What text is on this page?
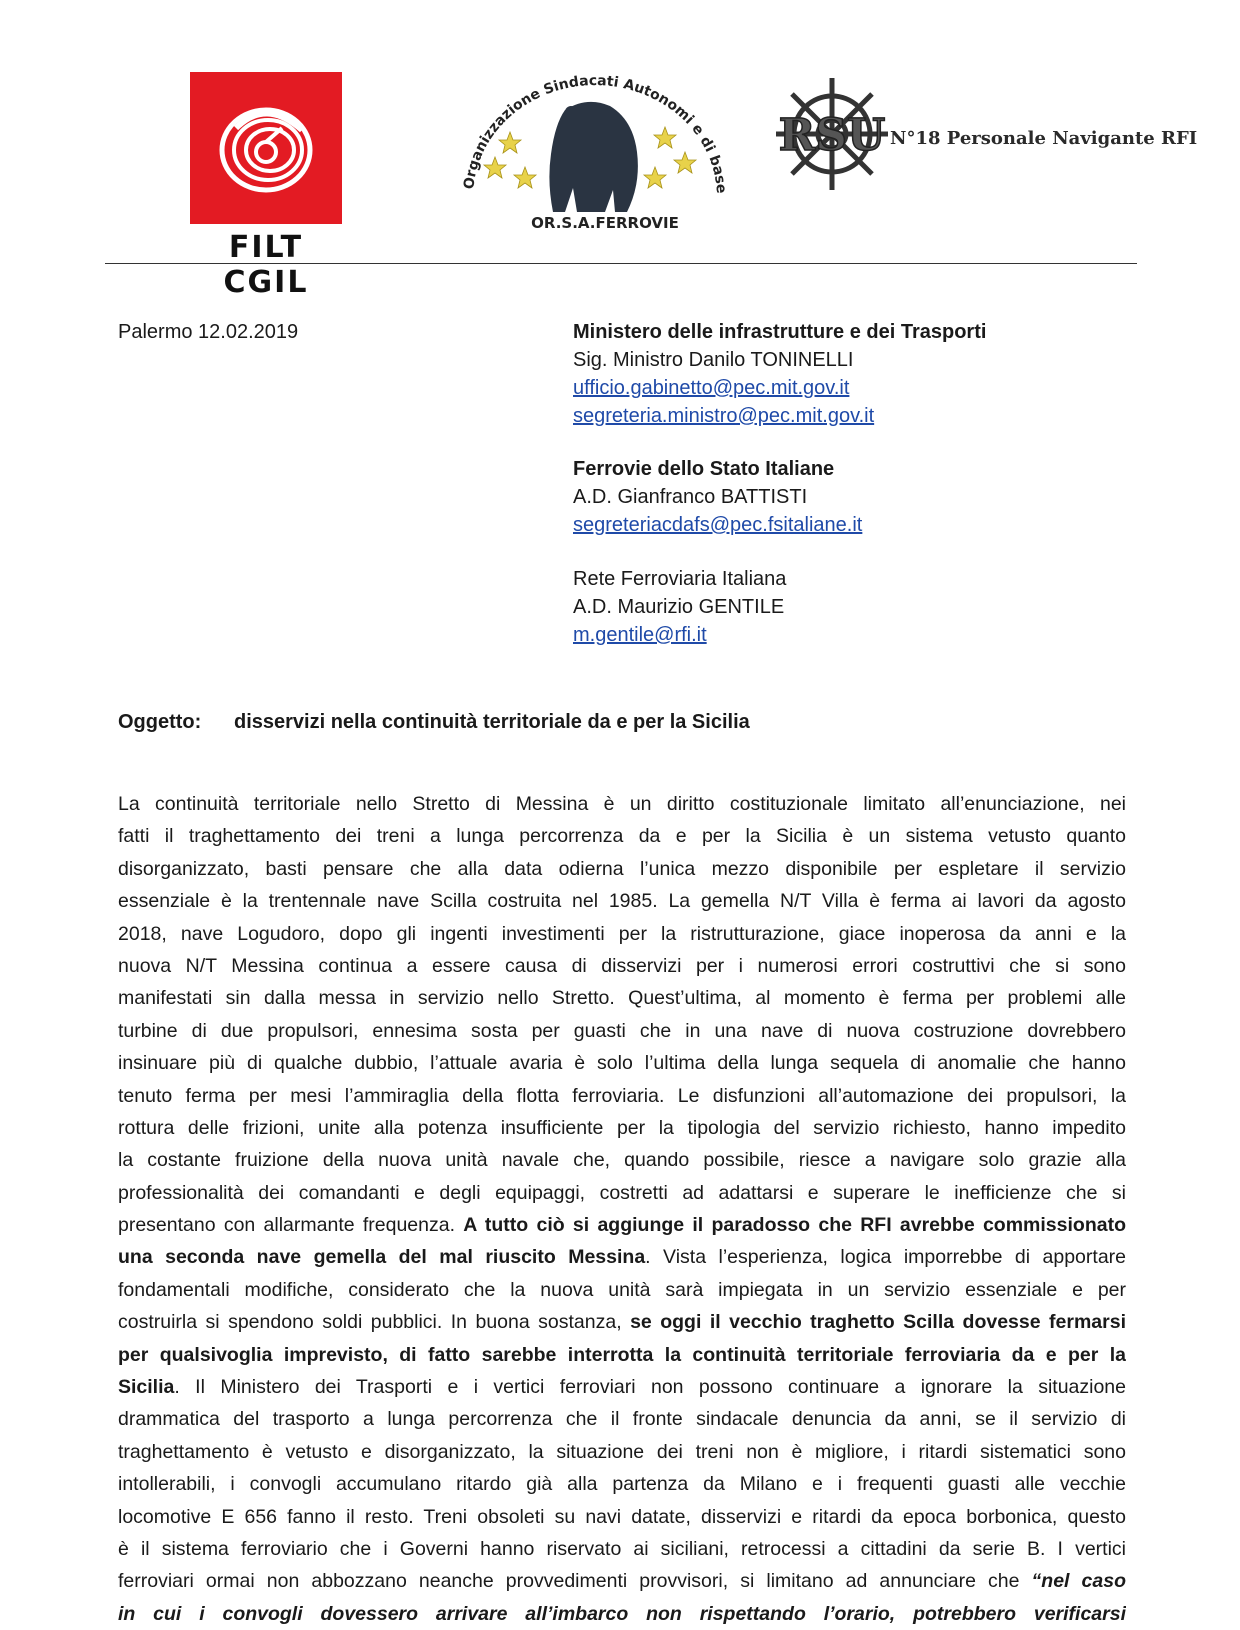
FILT CGIL
Organizzazione Sindacati Autonomi e di base
OR.S.A.FERROVIE
RSU N°18 Personale Navigante RFI
Palermo 12.02.2019	Ministero delle infrastrutture e dei Trasporti
Sig. Ministro Danilo TONINELLI
ufficio.gabinetto@pec.mit.gov.it
segreteria.ministro@pec.mit.gov.it
Ferrovie dello Stato Italiane
A.D. Gianfranco BATTISTI
segreteriacdafs@pec.fsitaliane.it
Rete Ferroviaria Italiana
A.D. Maurizio GENTILE
m.gentile@rfi.it
Oggetto: disservizi nella continuità territoriale da e per la Sicilia
La continuità territoriale nello Stretto di Messina è un diritto costituzionale limitato all’enunciazione, nei
fatti il traghettamento dei treni a lunga percorrenza da e per la Sicilia è un sistema vetusto quanto
disorganizzato, basti pensare che alla data odierna l’unica mezzo disponibile per espletare il servizio
essenziale è la trentennale nave Scilla costruita nel 1985. La gemella N/T Villa è ferma ai lavori da agosto
2018, nave Logudoro, dopo gli ingenti investimenti per la ristrutturazione, giace inoperosa da anni e la
nuova N/T Messina continua a essere causa di disservizi per i numerosi errori costruttivi che si sono
manifestati sin dalla messa in servizio nello Stretto. Quest’ultima, al momento è ferma per problemi alle
turbine di due propulsori, ennesima sosta per guasti che in una nave di nuova costruzione dovrebbero
insinuare più di qualche dubbio, l’attuale avaria è solo l’ultima della lunga sequela di anomalie che hanno
tenuto ferma per mesi l’ammiraglia della flotta ferroviaria. Le disfunzioni all’automazione dei propulsori, la
rottura delle frizioni, unite alla potenza insufficiente per la tipologia del servizio richiesto, hanno impedito
la costante fruizione della nuova unità navale che, quando possibile, riesce a navigare solo grazie alla
professionalità dei comandanti e degli equipaggi, costretti ad adattarsi e superare le inefficienze che si
presentano con allarmante frequenza. A tutto ciò si aggiunge il paradosso che RFI avrebbe commissionato
una seconda nave gemella del mal riuscito Messina. Vista l’esperienza, logica imporrebbe di apportare
fondamentali modifiche, considerato che la nuova unità sarà impiegata in un servizio essenziale e per
costruirla si spendono soldi pubblici. In buona sostanza, se oggi il vecchio traghetto Scilla dovesse fermarsi
per qualsivoglia imprevisto, di fatto sarebbe interrotta la continuità territoriale ferroviaria da e per la
Sicilia. Il Ministero dei Trasporti e i vertici ferroviari non possono continuare a ignorare la situazione
drammatica del trasporto a lunga percorrenza che il fronte sindacale denuncia da anni, se il servizio di
traghettamento è vetusto e disorganizzato, la situazione dei treni non è migliore, i ritardi sistematici sono
intollerabili, i convogli accumulano ritardo già alla partenza da Milano e i frequenti guasti alle vecchie
locomotive E 656 fanno il resto. Treni obsoleti su navi datate, disservizi e ritardi da epoca borbonica, questo
è il sistema ferroviario che i Governi hanno riservato ai siciliani, retrocessi a cittadini da serie B. I vertici
ferroviari ormai non abbozzano neanche provvedimenti provvisori, si limitano ad annunciare che “nel caso
in cui i convogli dovessero arrivare all’imbarco non rispettando l’orario, potrebbero verificarsi
